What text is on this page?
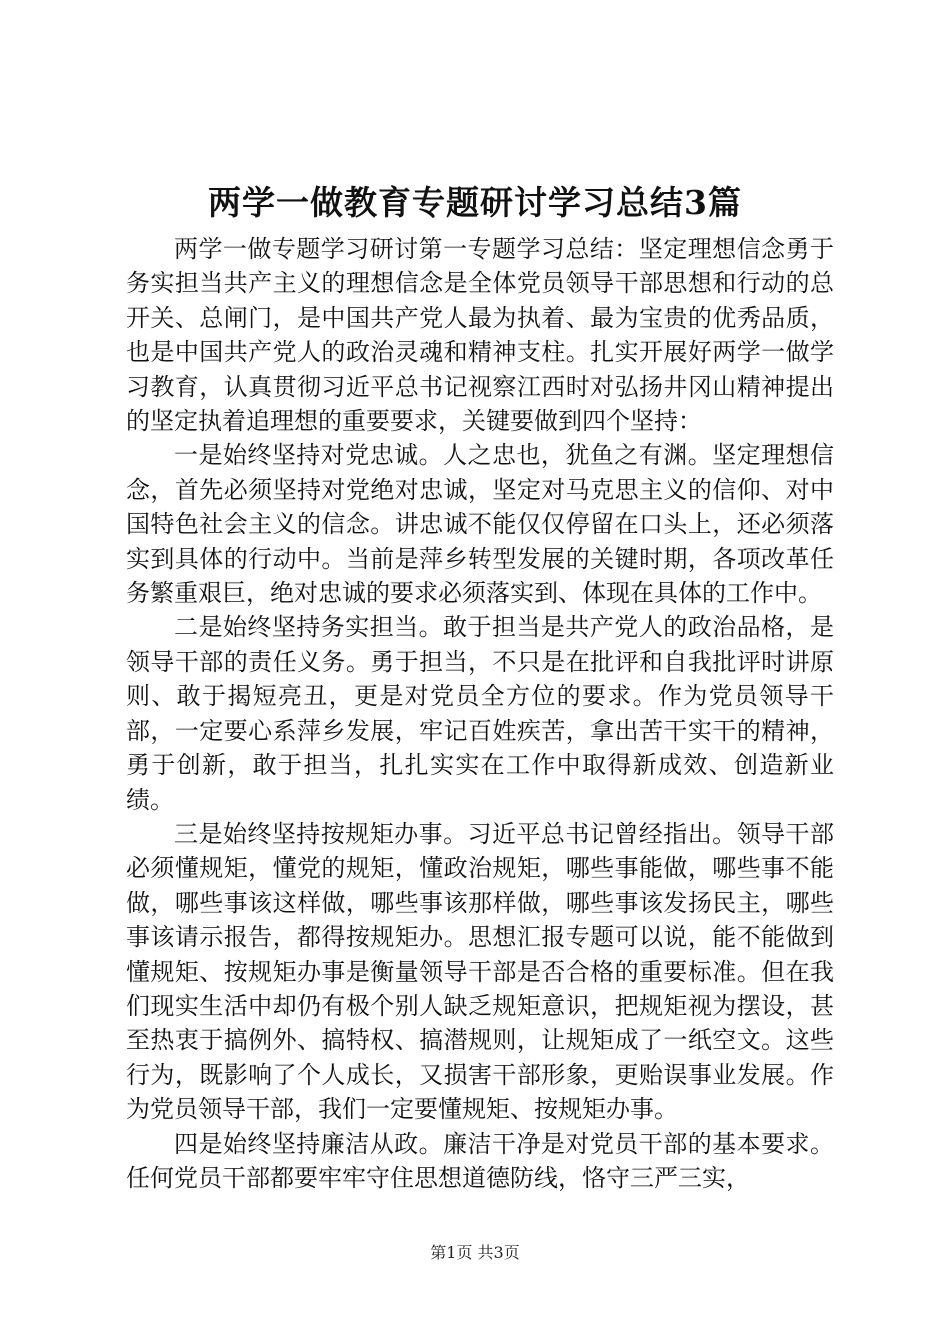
两学一做教育专题研讨学习总结3篇

两学一做专题学习研讨第一专题学习总结：坚定理想信念勇于务实担当共产主义的理想信念是全体党员领导干部思想和行动的总开关、总闸门，是中国共产党人最为执着、最为宝贵的优秀品质，也是中国共产党人的政治灵魂和精神支柱。扎实开展好两学一做学习教育，认真贯彻习近平总书记视察江西时对弘扬井冈山精神提出的坚定执着追理想的重要要求，关键要做到四个坚持：

一是始终坚持对党忠诚。人之忠也，犹鱼之有渊。坚定理想信念，首先必须坚持对党绝对忠诚，坚定对马克思主义的信仰、对中国特色社会主义的信念。讲忠诚不能仅仅停留在口头上，还必须落实到具体的行动中。当前是萍乡转型发展的关键时期，各项改革任务繁重艰巨，绝对忠诚的要求必须落实到、体现在具体的工作中。

二是始终坚持务实担当。敢于担当是共产党人的政治品格，是领导干部的责任义务。勇于担当，不只是在批评和自我批评时讲原则、敢于揭短亮丑，更是对党员全方位的要求。作为党员领导干部，一定要心系萍乡发展，牢记百姓疾苦，拿出苦干实干的精神，勇于创新，敢于担当，扎扎实实在工作中取得新成效、创造新业绩。

三是始终坚持按规矩办事。习近平总书记曾经指出。领导干部必须懂规矩，懂党的规矩，懂政治规矩，哪些事能做，哪些事不能做，哪些事该这样做，哪些事该那样做，哪些事该发扬民主，哪些事该请示报告，都得按规矩办。思想汇报专题可以说，能不能做到懂规矩、按规矩办事是衡量领导干部是否合格的重要标准。但在我们现实生活中却仍有极个别人缺乏规矩意识，把规矩视为摆设，甚至热衷于搞例外、搞特权、搞潜规则，让规矩成了一纸空文。这些行为，既影响了个人成长，又损害干部形象，更贻误事业发展。作为党员领导干部，我们一定要懂规矩、按规矩办事。

四是始终坚持廉洁从政。廉洁干净是对党员干部的基本要求。任何党员干部都要牢牢守住思想道德防线，恪守三严三实，

第1页 共3页
